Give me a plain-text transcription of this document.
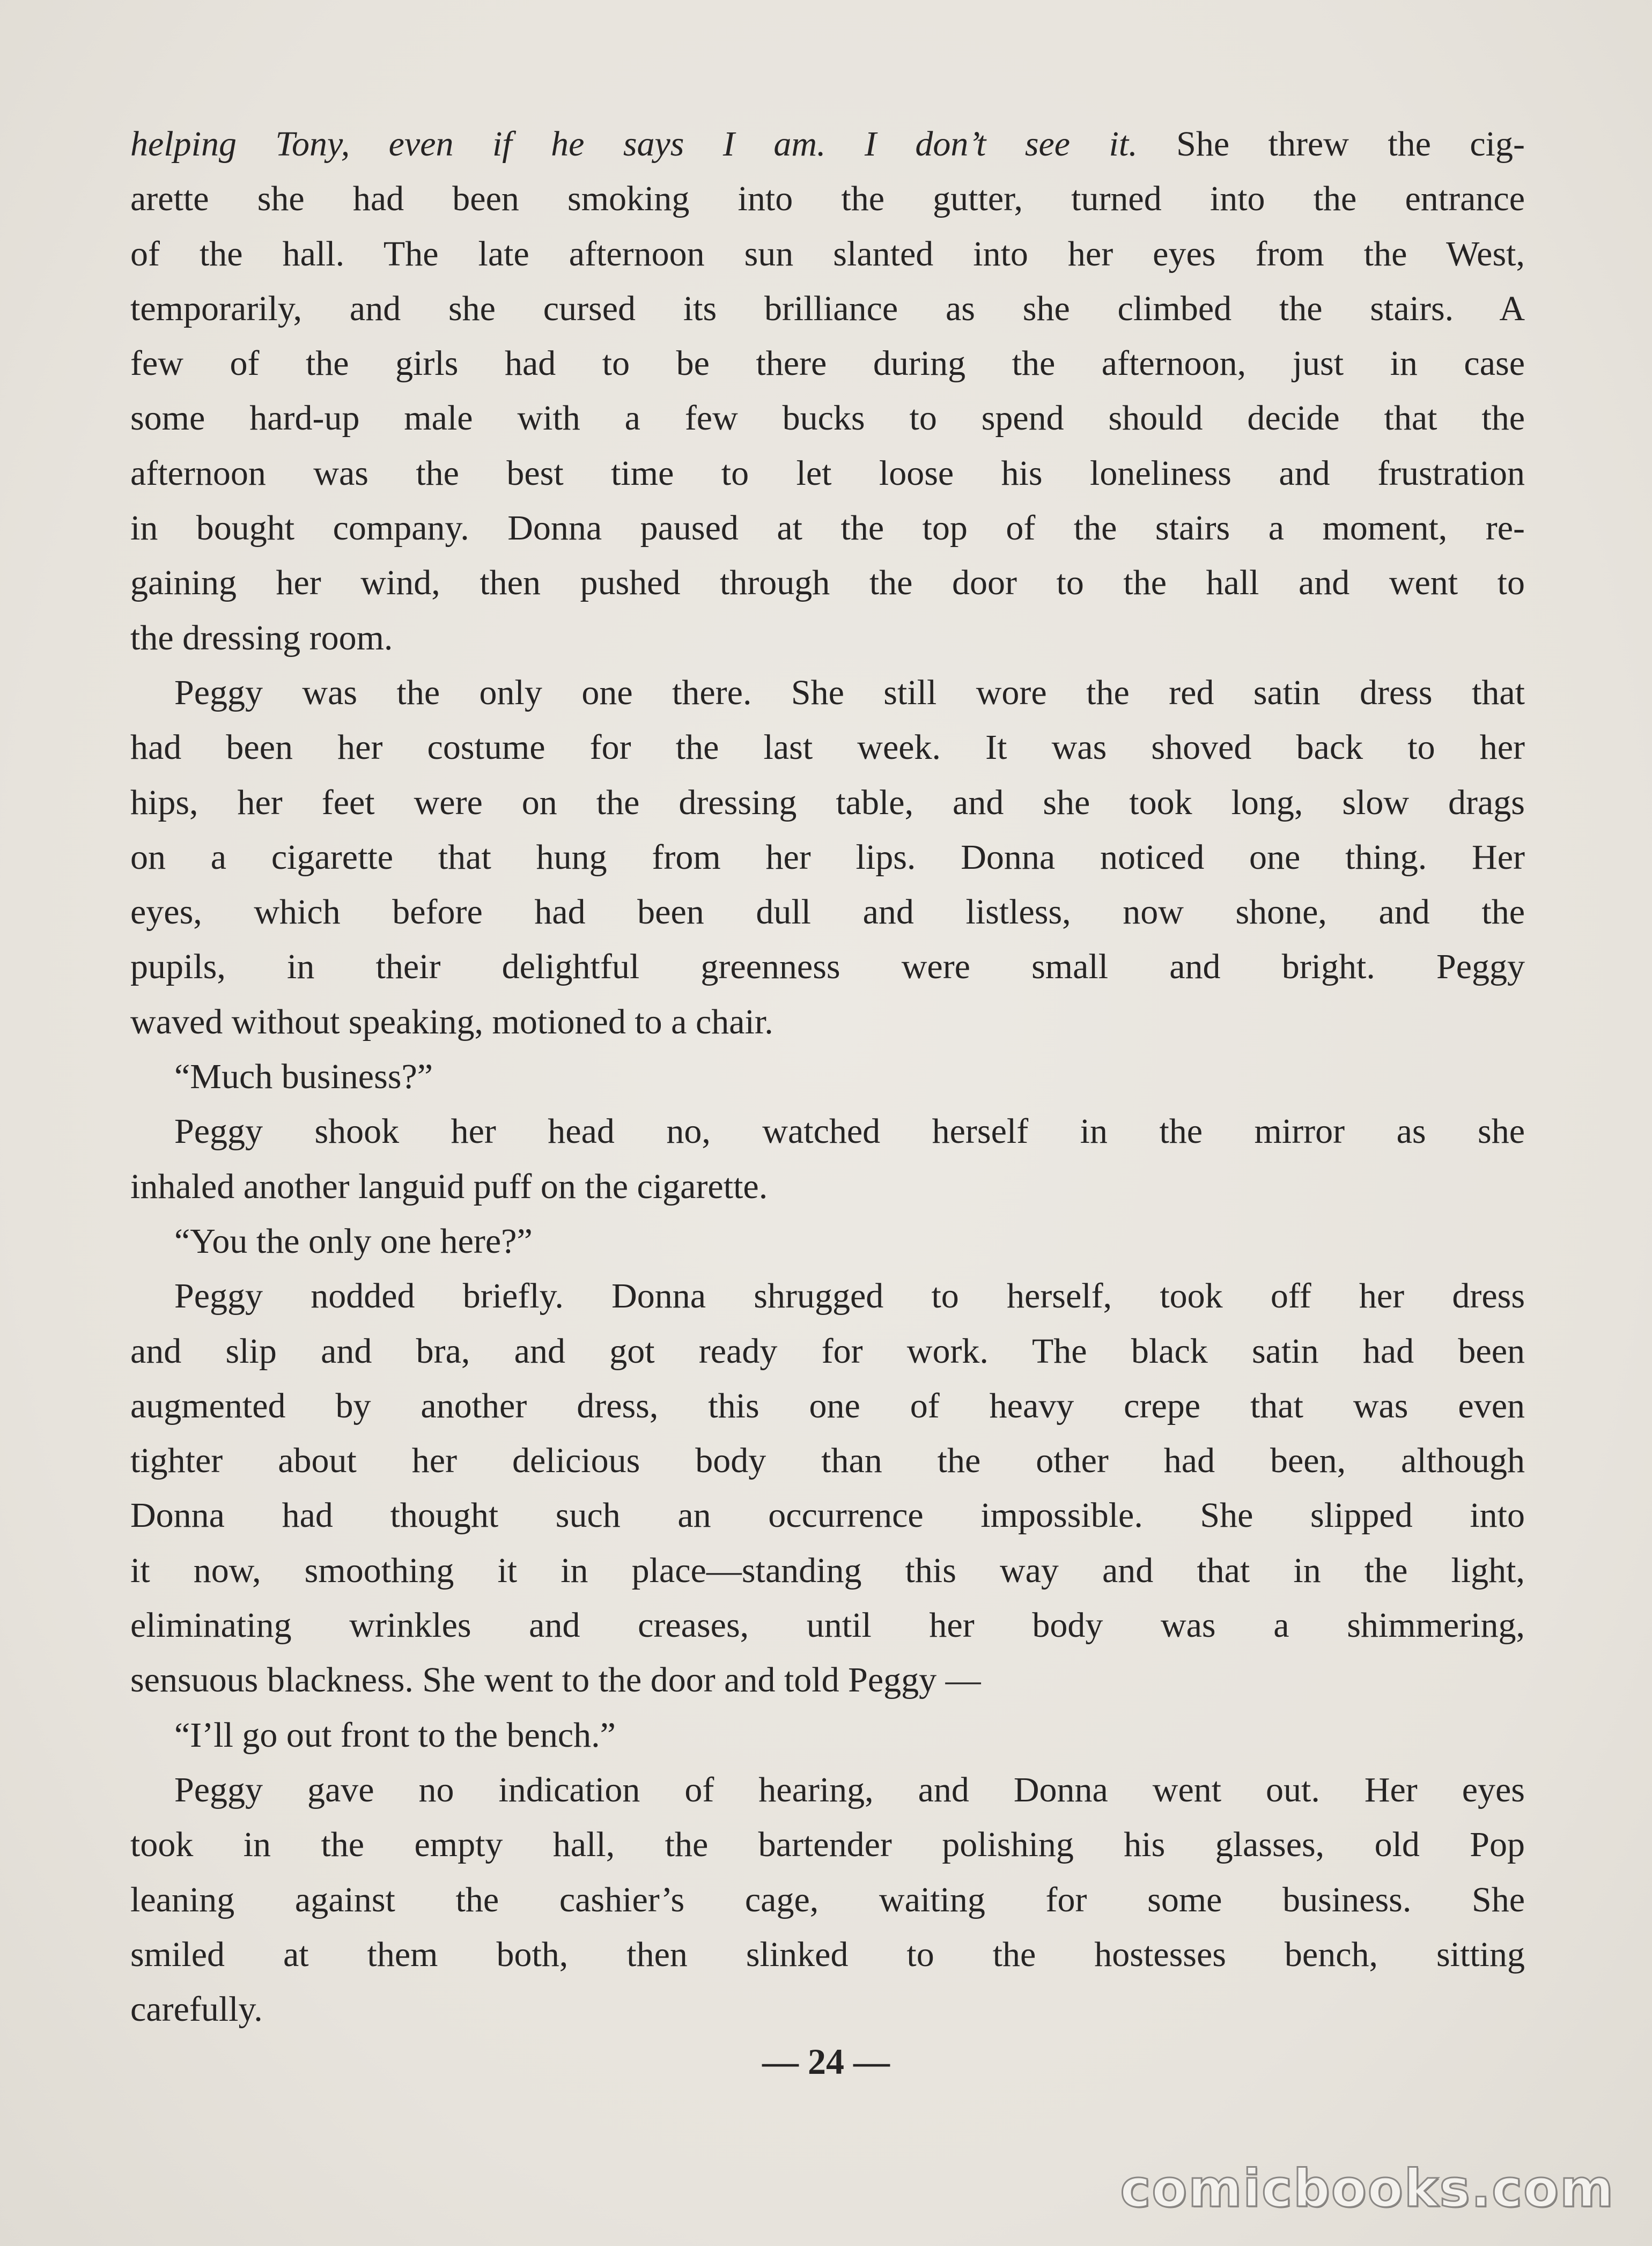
helping Tony, even if he says I am. I don’t see it. She threw the cig-
arette she had been smoking into the gutter, turned into the entrance
of the hall. The late afternoon sun slanted into her eyes from the West,
temporarily, and she cursed its brilliance as she climbed the stairs. A
few of the girls had to be there during the afternoon, just in case
some hard-up male with a few bucks to spend should decide that the
afternoon was the best time to let loose his loneliness and frustration
in bought company. Donna paused at the top of the stairs a moment, re-
gaining her wind, then pushed through the door to the hall and went to
the dressing room.
Peggy was the only one there. She still wore the red satin dress that
had been her costume for the last week. It was shoved back to her
hips, her feet were on the dressing table, and she took long, slow drags
on a cigarette that hung from her lips. Donna noticed one thing. Her
eyes, which before had been dull and listless, now shone, and the
pupils, in their delightful greenness were small and bright. Peggy
waved without speaking, motioned to a chair.
“Much business?”
Peggy shook her head no, watched herself in the mirror as she
inhaled another languid puff on the cigarette.
“You the only one here?”
Peggy nodded briefly. Donna shrugged to herself, took off her dress
and slip and bra, and got ready for work. The black satin had been
augmented by another dress, this one of heavy crepe that was even
tighter about her delicious body than the other had been, although
Donna had thought such an occurrence impossible. She slipped into
it now, smoothing it in place—standing this way and that in the light,
eliminating wrinkles and creases, until her body was a shimmering,
sensuous blackness. She went to the door and told Peggy —
“I’ll go out front to the bench.”
Peggy gave no indication of hearing, and Donna went out. Her eyes
took in the empty hall, the bartender polishing his glasses, old Pop
leaning against the cashier’s cage, waiting for some business. She
smiled at them both, then slinked to the hostesses bench, sitting
carefully.
— 24 —
comicbooks.com
